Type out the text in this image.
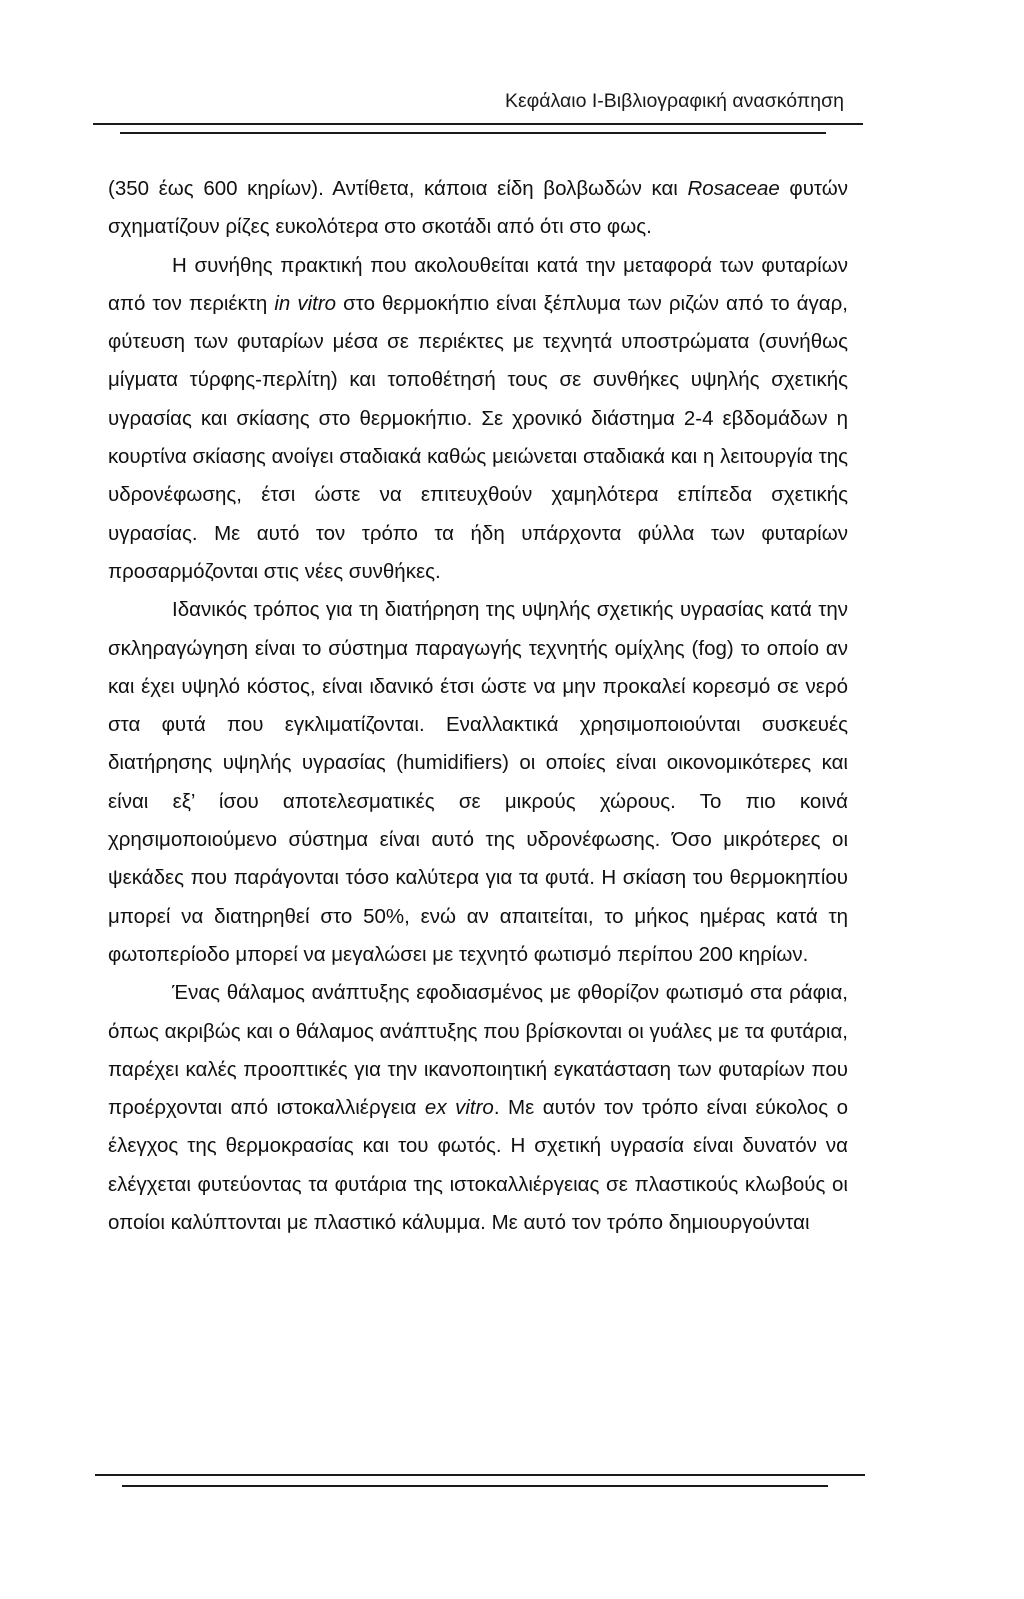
Κεφάλαιο Ι-Βιβλιογραφική ανασκόπηση

(350 έως 600 κηρίων). Αντίθετα, κάποια είδη βολβωδών και Rosaceae φυτών σχηματίζουν ρίζες ευκολότερα στο σκοτάδι από ότι στο φως.

Η συνήθης πρακτική που ακολουθείται κατά την μεταφορά των φυταρίων από τον περιέκτη in vitro στο θερμοκήπιο είναι ξέπλυμα των ριζών από το άγαρ, φύτευση των φυταρίων μέσα σε περιέκτες με τεχνητά υποστρώματα (συνήθως μίγματα τύρφης-περλίτη) και τοποθέτησή τους σε συνθήκες υψηλής σχετικής υγρασίας και σκίασης στο θερμοκήπιο. Σε χρονικό διάστημα 2-4 εβδομάδων η κουρτίνα σκίασης ανοίγει σταδιακά καθώς μειώνεται σταδιακά και η λειτουργία της υδρονέφωσης, έτσι ώστε να επιτευχθούν χαμηλότερα επίπεδα σχετικής υγρασίας. Με αυτό τον τρόπο τα ήδη υπάρχοντα φύλλα των φυταρίων προσαρμόζονται στις νέες συνθήκες.

Ιδανικός τρόπος για τη διατήρηση της υψηλής σχετικής υγρασίας κατά την σκληραγώγηση είναι το σύστημα παραγωγής τεχνητής ομίχλης (fog) το οποίο αν και έχει υψηλό κόστος, είναι ιδανικό έτσι ώστε να μην προκαλεί κορεσμό σε νερό στα φυτά που εγκλιματίζονται. Εναλλακτικά χρησιμοποιούνται συσκευές διατήρησης υψηλής υγρασίας (humidifiers) οι οποίες είναι οικονομικότερες και είναι εξ’ ίσου αποτελεσματικές σε μικρούς χώρους. Το πιο κοινά χρησιμοποιούμενο σύστημα είναι αυτό της υδρονέφωσης. Όσο μικρότερες οι ψεκάδες που παράγονται τόσο καλύτερα για τα φυτά. Η σκίαση του θερμοκηπίου μπορεί να διατηρηθεί στο 50%, ενώ αν απαιτείται, το μήκος ημέρας κατά τη φωτοπερίοδο μπορεί να μεγαλώσει με τεχνητό φωτισμό περίπου 200 κηρίων.

Ένας θάλαμος ανάπτυξης εφοδιασμένος με φθορίζον φωτισμό στα ράφια, όπως ακριβώς και ο θάλαμος ανάπτυξης που βρίσκονται οι γυάλες με τα φυτάρια, παρέχει καλές προοπτικές για την ικανοποιητική εγκατάσταση των φυταρίων που προέρχονται από ιστοκαλλιέργεια ex vitro. Με αυτόν τον τρόπο είναι εύκολος ο έλεγχος της θερμοκρασίας και του φωτός. Η σχετική υγρασία είναι δυνατόν να ελέγχεται φυτεύοντας τα φυτάρια της ιστοκαλλιέργειας σε πλαστικούς κλωβούς οι οποίοι καλύπτονται με πλαστικό κάλυμμα. Με αυτό τον τρόπο δημιουργούνται
